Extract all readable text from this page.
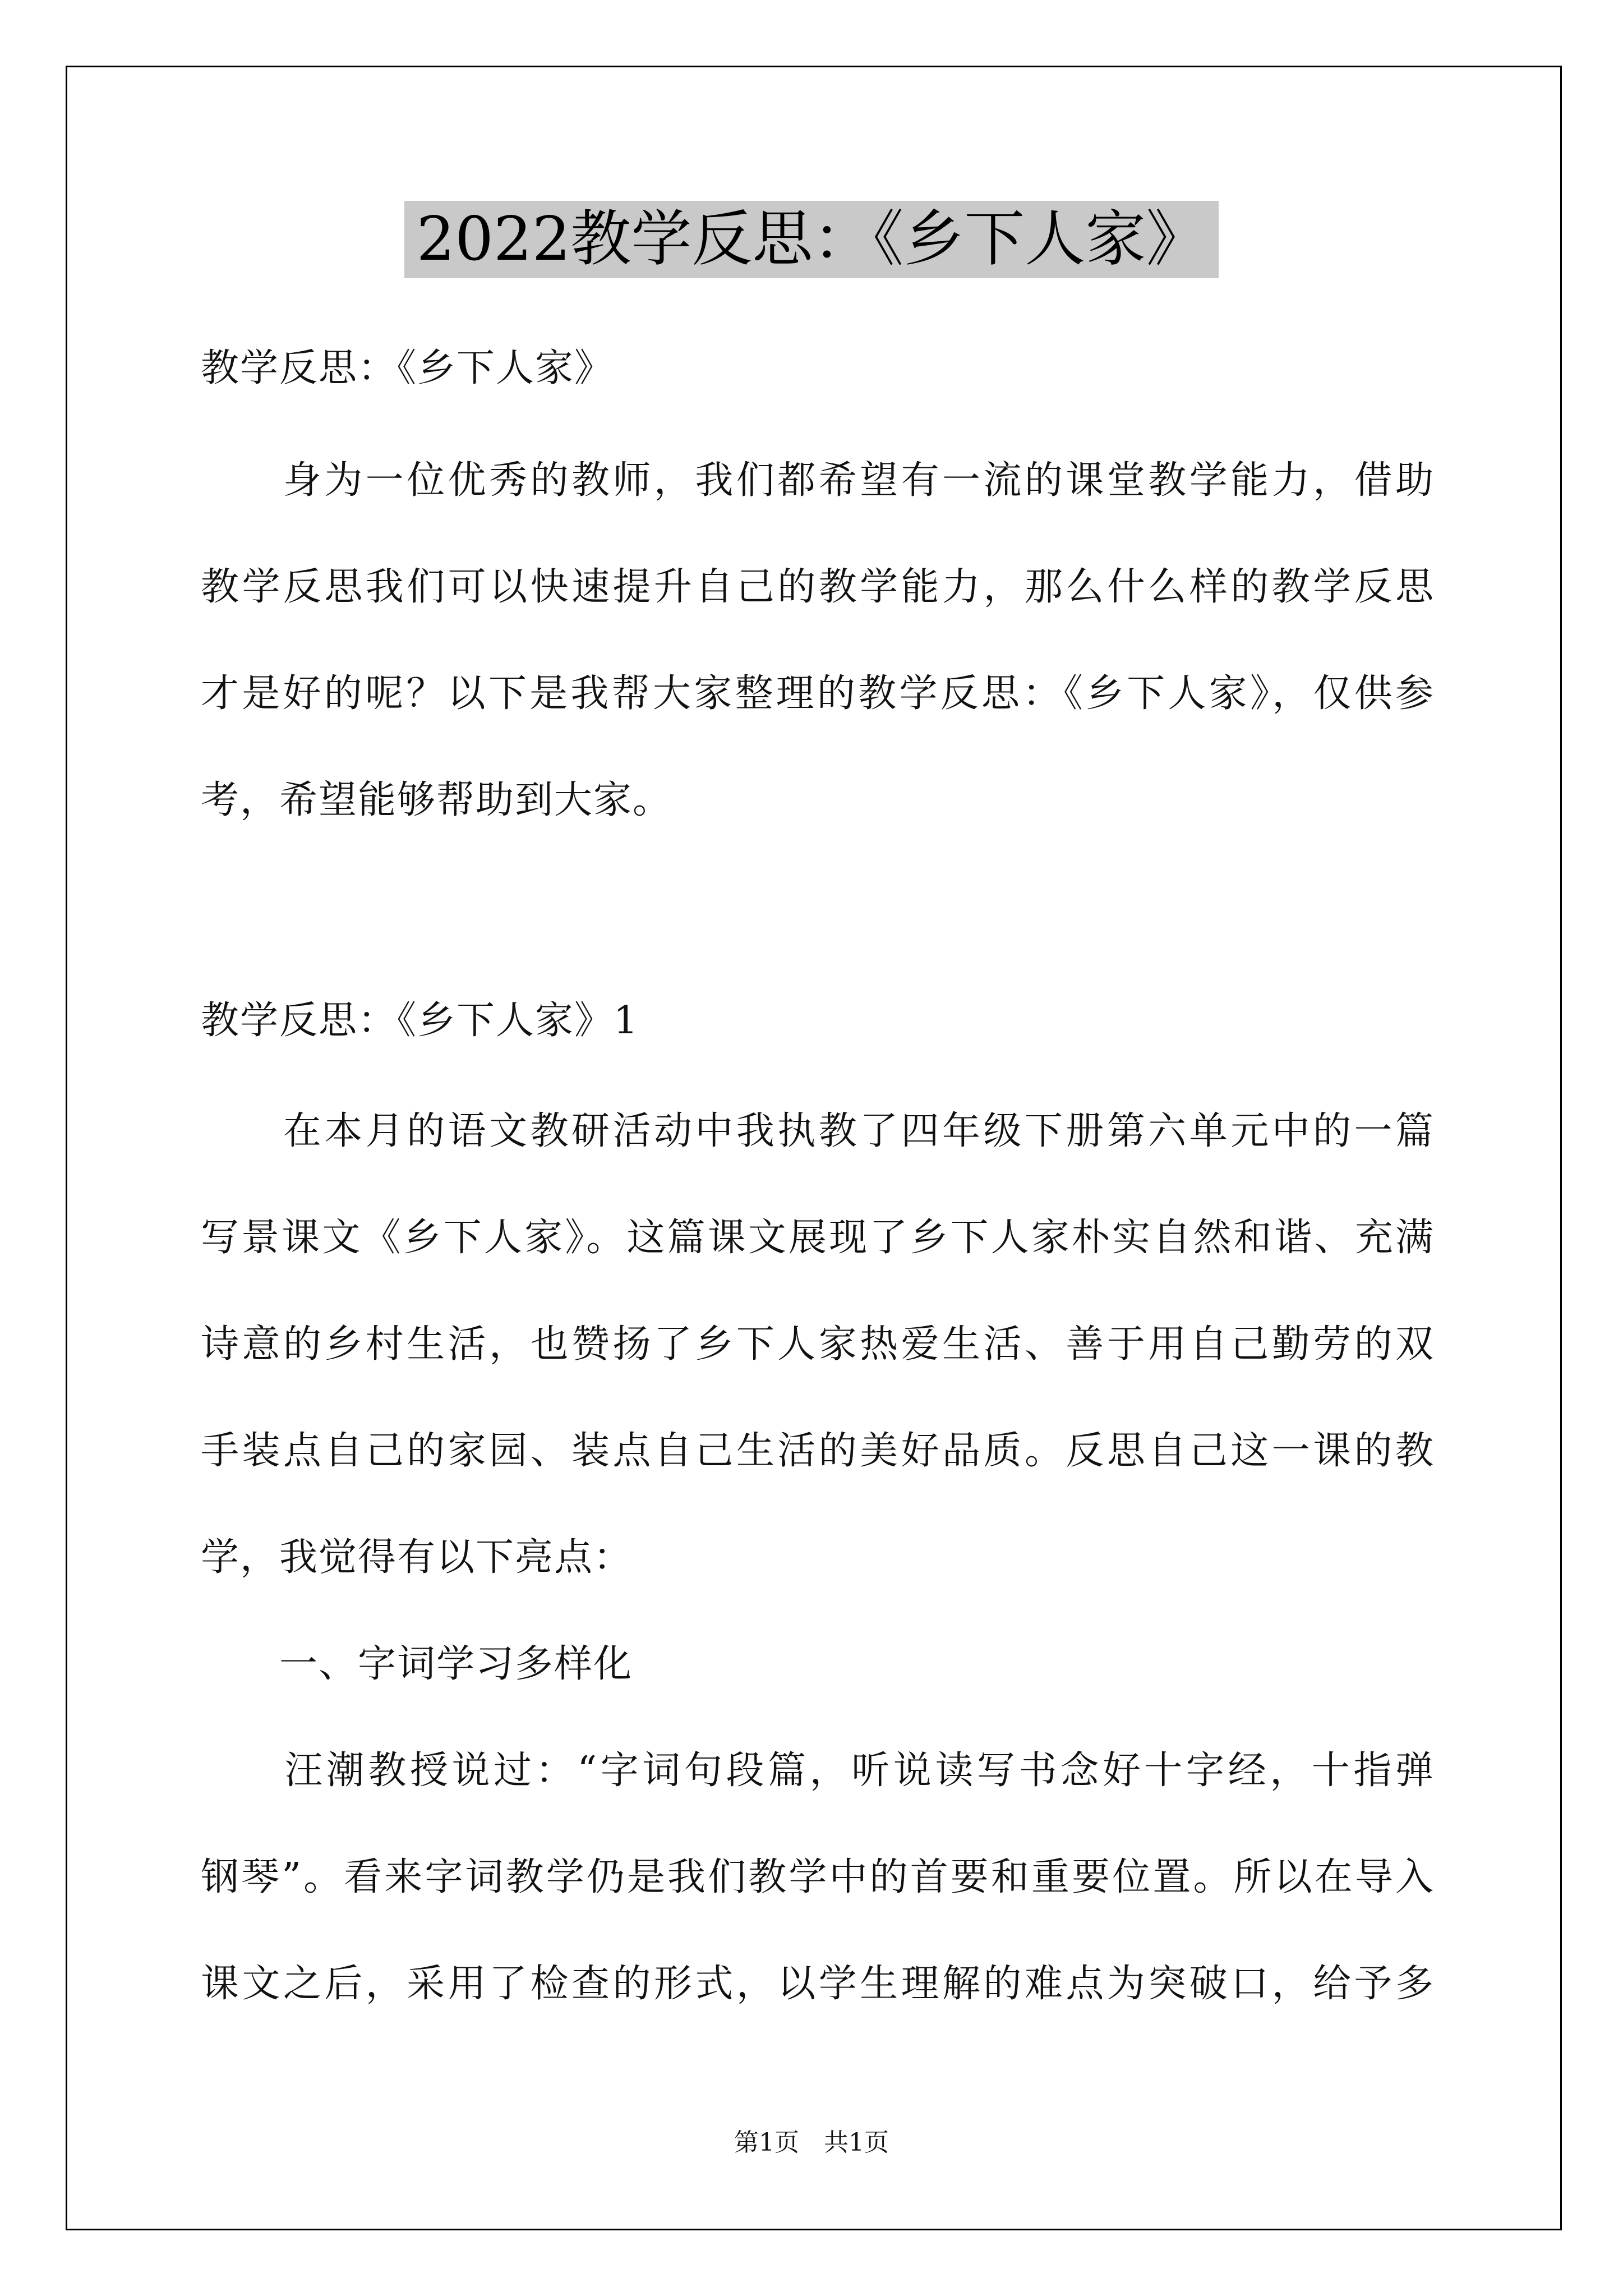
2022教学反思：《乡下人家》
教学反思：《乡下人家》
　　身为一位优秀的教师，我们都希望有一流的课堂教学能力，借助
教学反思我们可以快速提升自己的教学能力，那么什么样的教学反思
才是好的呢？以下是我帮大家整理的教学反思：《乡下人家》，仅供参
考，希望能够帮助到大家。
教学反思：《乡下人家》1
　　在本月的语文教研活动中我执教了四年级下册第六单元中的一篇
写景课文《乡下人家》。这篇课文展现了乡下人家朴实自然和谐、充满
诗意的乡村生活，也赞扬了乡下人家热爱生活、善于用自己勤劳的双
手装点自己的家园、装点自己生活的美好品质。反思自己这一课的教
学，我觉得有以下亮点：
　　一、字词学习多样化
　　汪潮教授说过：“字词句段篇，听说读写书念好十字经，十指弹
钢琴”。看来字词教学仍是我们教学中的首要和重要位置。所以在导入
课文之后，采用了检查的形式，以学生理解的难点为突破口，给予多
第1页　共1页
